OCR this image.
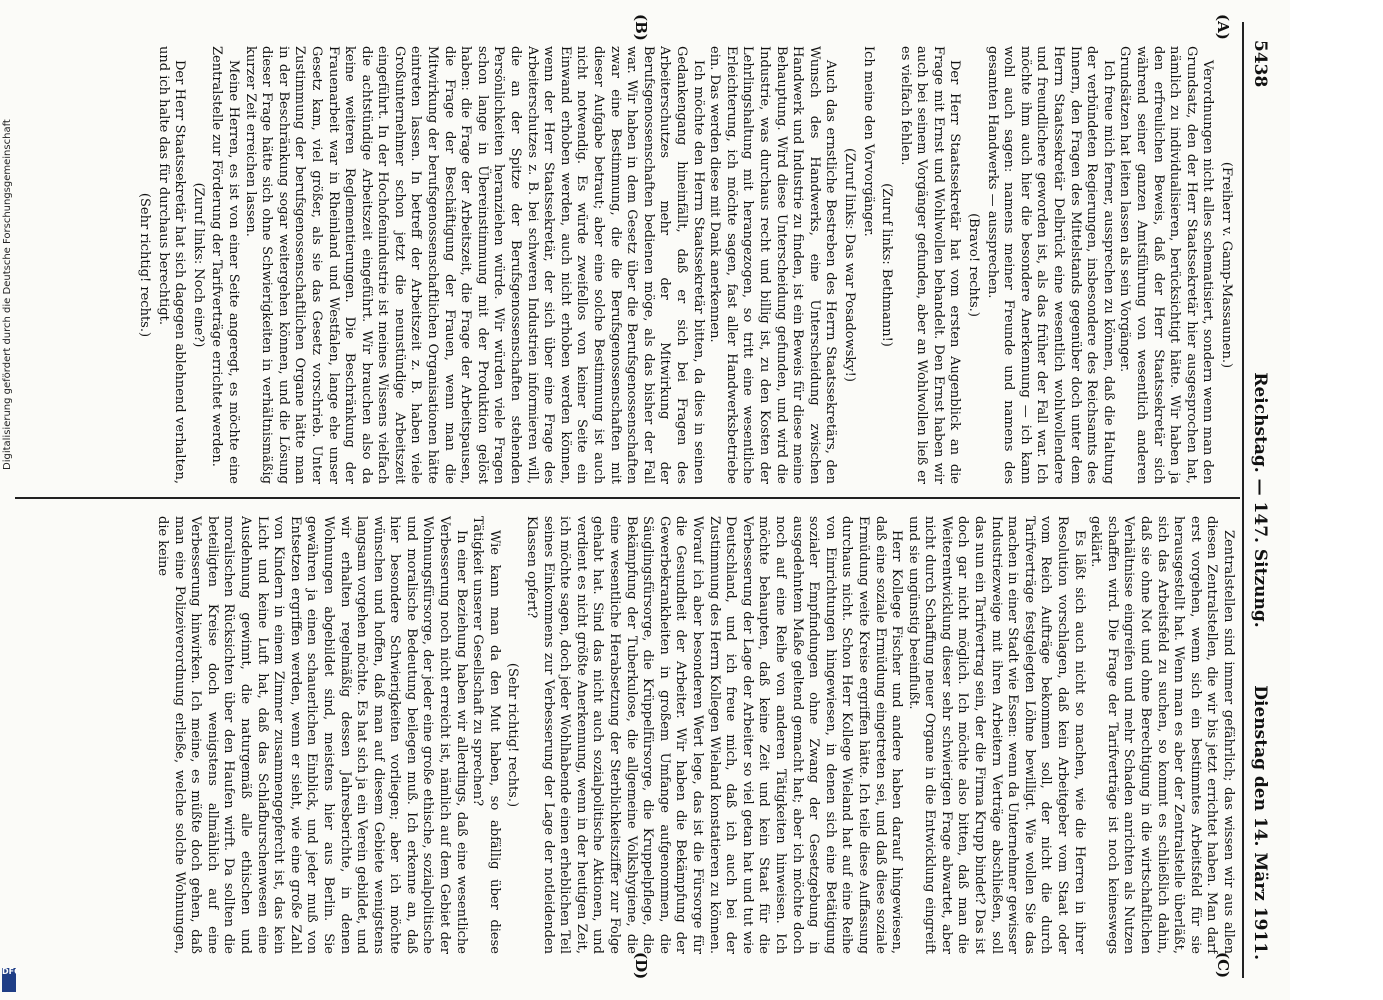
5438
Reichstag. — 147. Sitzung.
Dienstag den 14. März 1911.
(A)
(B)
(C)
(D)

(Freiherr v. Gamp-Massaunen.)

Verordnungen nicht alles schematisiert, sondern wenn man den Grundsatz, den der Herr Staatssekretär hier ausgesprochen hat, nämlich zu individualisieren, berücksichtigt hätte. Wir haben ja den erfreulichen Beweis, daß der Herr Staatssekretär sich während seiner ganzen Amtsführung von wesentlich anderen Grundsätzen hat leiten lassen als sein Vorgänger.

Ich freue mich ferner, aussprechen zu können, daß die Haltung der verbündeten Regierungen, insbesondere des Reichsamts des Innern, den Fragen des Mittelstands gegenüber doch unter dem Herrn Staatssekretär Delbrück eine wesentlich wohlwollendere und freundlichere geworden ist, als das früher der Fall war. Ich möchte ihm auch hier die besondere Anerkennung — ich kann wohl auch sagen: namens meiner Freunde und namens des gesamten Handwerks — aussprechen.

(Bravo! rechts.)

Der Herr Staatssekretär hat vom ersten Augenblick an die Frage mit Ernst und Wohlwollen behandelt. Den Ernst haben wir auch bei seinem Vorgänger gefunden, aber an Wohlwollen ließ er es vielfach fehlen.

(Zuruf links: Bethmann!)

Ich meine den Vorvorgänger.

(Zuruf links: Das war Posadowsky!)

Auch das ernstliche Bestreben des Herrn Staatssekretärs, den Wunsch des Handwerks, eine Unterscheidung zwischen Handwerk und Industrie zu finden, ist ein Beweis für diese meine Behauptung. Wird diese Unterscheidung gefunden, und wird die Industrie, was durchaus recht und billig ist, zu den Kosten der Lehrlingshaltung mit herangezogen, so tritt eine wesentliche Erleichterung, ich möchte sagen, fast aller Handwerksbetriebe ein. Das werden diese mit Dank anerkennen.

Ich möchte den Herrn Staatssekretär bitten, da dies in seinen Gedankengang hineinfällt, daß er sich bei Fragen des Arbeiterschutzes mehr der Mitwirkung der Berufsgenossenschaften bedienen möge, als das bisher der Fall war. Wir haben in dem Gesetz über die Berufsgenossenschaften zwar eine Bestimmung, die die Berufsgenossenschaften mit dieser Aufgabe betraut; aber eine solche Bestimmung ist auch nicht notwendig. Es würde zweifellos von keiner Seite ein Einwand erhoben werden, auch nicht erhoben werden können, wenn der Herr Staatssekretär, der sich über eine Frage des Arbeiterschutzes z. B. bei schweren Industrien informieren will, die an der Spitze der Berufsgenossenschaften stehenden Persönlichkeiten heranziehen würde. Wir würden viele Fragen schon lange in Übereinstimmung mit der Produktion gelöst haben: die Frage der Arbeitszeit, die Frage der Arbeitspausen, die Frage der Beschäftigung der Frauen, wenn man die Mitwirkung der berufsgenossenschaftlichen Organisationen hätte eintreten lassen. In betreff der Arbeitszeit z. B. haben viele Großunternehmer schon jetzt die neunstündige Arbeitszeit eingeführt. In der Hochofenindustrie ist meines Wissens vielfach die achtstündige Arbeitszeit eingeführt. Wir brauchen also da keine weiteren Reglementierungen. Die Beschränkung der Frauenarbeit war in Rheinland und Westfalen, lange ehe unser Gesetz kam, viel größer, als sie das Gesetz vorschrieb. Unter Zustimmung der berufsgenossenschaftlichen Organe hätte man in der Beschränkung sogar weitergehen können, und die Lösung dieser Frage hätte sich ohne Schwierigkeiten in verhältnismäßig kurzer Zeit erreichen lassen.

Meine Herren, es ist von einer Seite angeregt, es möchte eine Zentralstelle zur Förderung der Tarifverträge errichtet werden.

(Zuruf links: Noch eine?)

Der Herr Staatssekretär hat sich dagegen ablehnend verhalten, und ich halte das für durchaus berechtigt.

(Sehr richtig! rechts.)

Zentralstellen sind immer gefährlich; das wissen wir aus allen diesen Zentralstellen, die wir bis jetzt errichtet haben. Man darf erst vorgehen, wenn sich ein bestimmtes Arbeitsfeld für sie herausgestellt hat. Wenn man es aber der Zentralstelle überläßt, sich das Arbeitsfeld zu suchen, so kommt es schließlich dahin, daß sie ohne Not und ohne Berechtigung in die wirtschaftlichen Verhältnisse eingreifen und mehr Schaden anrichten als Nutzen schaffen wird. Die Frage der Tarifverträge ist noch keineswegs geklärt.

Es läßt sich auch nicht so machen, wie die Herren in ihrer Resolution vorschlagen, daß kein Arbeitgeber vom Staat oder vom Reich Aufträge bekommen soll, der nicht die durch Tarifverträge festgelegten Löhne bewilligt. Wie wollen Sie das machen in einer Stadt wie Essen: wenn da Unternehmer gewisser Industriezweige mit ihren Arbeitern Verträge abschließen, soll das nun ein Tarifvertrag sein, der die Firma Krupp bindet? Das ist doch gar nicht möglich. Ich möchte also bitten, daß man die Weiterentwicklung dieser sehr schwierigen Frage abwartet, aber nicht durch Schaffung neuer Organe in die Entwicklung eingreift und sie ungünstig beeinflußt.

Herr Kollege Fischer und andere haben darauf hingewiesen, daß eine soziale Ermüdung eingetreten sei, und daß diese soziale Ermüdung weite Kreise ergriffen hätte. Ich teile diese Auffassung durchaus nicht. Schon Herr Kollege Wieland hat auf eine Reihe von Einrichtungen hingewiesen, in denen sich eine Betätigung sozialer Empfindungen ohne Zwang der Gesetzgebung in ausgedehntem Maße geltend gemacht hat; aber ich möchte doch noch auf eine Reihe von anderen Tätigkeiten hinweisen. Ich möchte behaupten, daß keine Zeit und kein Staat für die Verbesserung der Lage der Arbeiter so viel getan hat und tut wie Deutschland, und ich freue mich, daß ich auch bei der Zustimmung des Herrn Kollegen Wieland konstatieren zu können. Worauf ich aber besonderen Wert lege, das ist die Fürsorge für die Gesundheit der Arbeiter. Wir haben die Bekämpfung der Gewerbekrankheiten in großem Umfange aufgenommen, die Säuglingsfürsorge, die Krüppelfürsorge, die Kruppelpflege, die Bekämpfung der Tuberkulose, die allgemeine Volkshygiene, die eine wesentliche Herabsetzung der Sterblichkeitsziffer zur Folge gehabt hat. Sind das nicht auch sozialpolitische Aktionen, und verdient es nicht größte Anerkennung, wenn in der heutigen Zeit, ich möchte sagen, doch jeder Wohlhabende einen erheblichen Teil seines Einkommens zur Verbesserung der Lage der notleidenden Klassen opfert?

(Sehr richtig! rechts.)

Wie kann man da den Mut haben, so abfällig über diese Tätigkeit unserer Gesellschaft zu sprechen?

In einer Beziehung haben wir allerdings, daß eine wesentliche Verbesserung noch nicht erreicht ist, nämlich auf dem Gebiet der Wohnungsfürsorge, der jeder eine große ethische, sozialpolitische und moralische Bedeutung beilegen muß. Ich erkenne an, daß hier besondere Schwierigkeiten vorliegen; aber ich möchte wünschen und hoffen, daß man auf diesem Gebiete wenigstens langsam vorgehen möchte. Es hat sich ja ein Verein gebildet, und wir erhalten regelmäßig dessen Jahresberichte, in denen Wohnungen abgebildet sind, meistens hier aus Berlin. Sie gewähren ja einen schauerlichen Einblick, und jeder muß von Entsetzen ergriffen werden, wenn er sieht, wie eine große Zahl von Kindern in einem Zimmer zusammengepfercht ist, das kein Licht und keine Luft hat, daß das Schlafburschenwesen eine Ausdehnung gewinnt, die naturgemäß alle ethischen und moralischen Rücksichten über den Haufen wirft. Da sollten die beteiligten Kreise doch wenigstens allmählich auf eine Verbesserung hinwirken. Ich meine, es müßte doch gehen, daß man eine Polizeiverordnung erließe, welche solche Wohnungen, die keine

Digitalisierung gefördert durch die Deutsche Forschungsgemeinschaft
DFG
